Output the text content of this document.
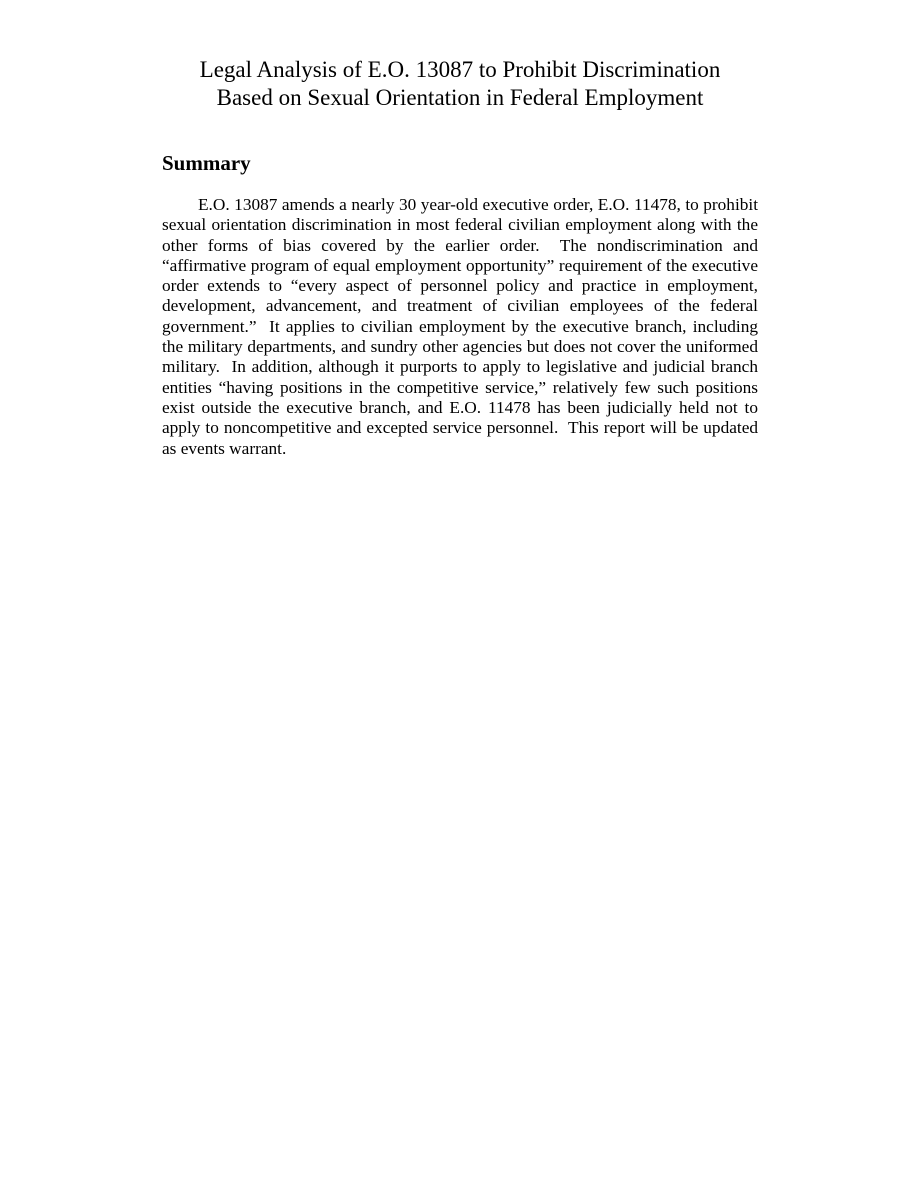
Legal Analysis of E.O. 13087 to Prohibit Discrimination
Based on Sexual Orientation in Federal Employment
Summary

E.O. 13087 amends a nearly 30 year-old executive order, E.O. 11478, to prohibit sexual orientation discrimination in most federal civilian employment along with the other forms of bias covered by the earlier order.  The nondiscrimination and “affirmative program of equal employment opportunity” requirement of the executive order extends to “every aspect of personnel policy and practice in employment, development, advancement, and treatment of civilian employees of the federal government.”  It applies to civilian employment by the executive branch, including the military departments, and sundry other agencies but does not cover the uniformed military.  In addition, although it purports to apply to legislative and judicial branch entities “having positions in the competitive service,” relatively few such positions exist outside the executive branch, and E.O. 11478 has been judicially held not to apply to noncompetitive and excepted service personnel.  This report will be updated as events warrant.
